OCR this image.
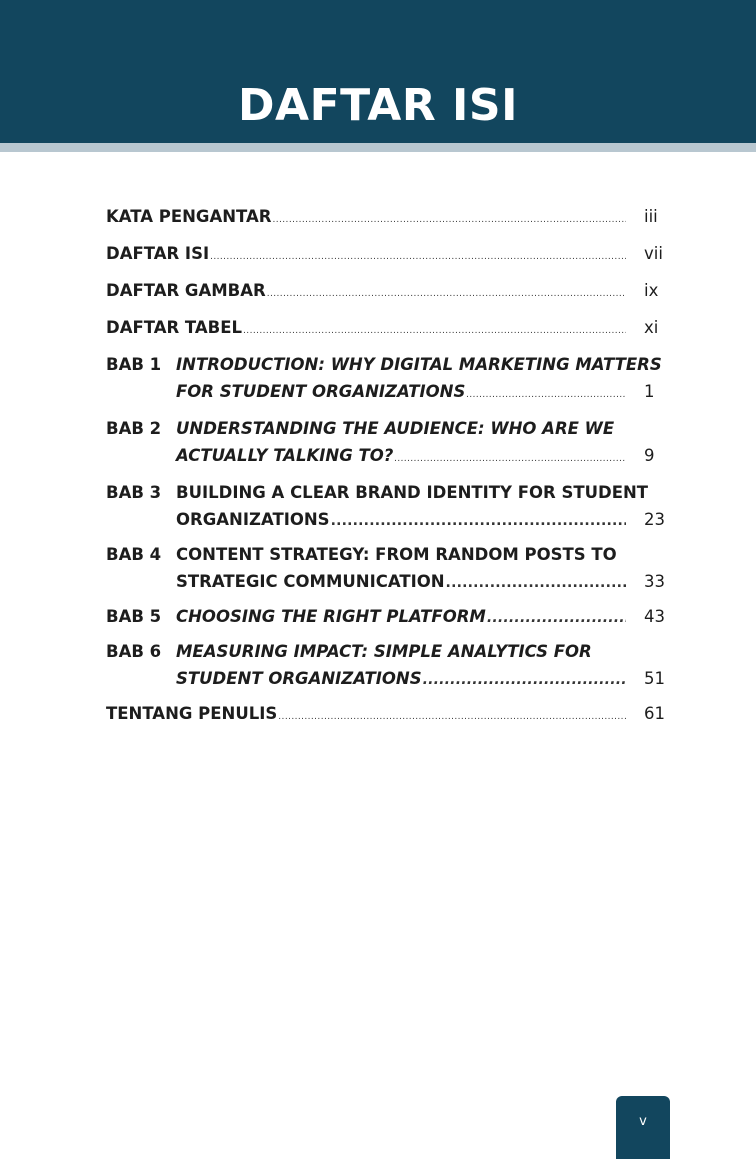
DAFTAR ISI
KATA PENGANTAR .....	iii
DAFTAR ISI .....	vii
DAFTAR GAMBAR .....	ix
DAFTAR TABEL .....	xi
BAB 1 INTRODUCTION: WHY DIGITAL MARKETING MATTERS
FOR STUDENT ORGANIZATIONS .....	1
BAB 2 UNDERSTANDING THE AUDIENCE: WHO ARE WE
ACTUALLY TALKING TO? .....	9
BAB 3 BUILDING A CLEAR BRAND IDENTITY FOR STUDENT
ORGANIZATIONS .....	23
BAB 4 CONTENT STRATEGY: FROM RANDOM POSTS TO
STRATEGIC COMMUNICATION .....	33
BAB 5 CHOOSING THE RIGHT PLATFORM .....	43
BAB 6 MEASURING IMPACT: SIMPLE ANALYTICS FOR
STUDENT ORGANIZATIONS .....	51
TENTANG PENULIS .....	61
v
